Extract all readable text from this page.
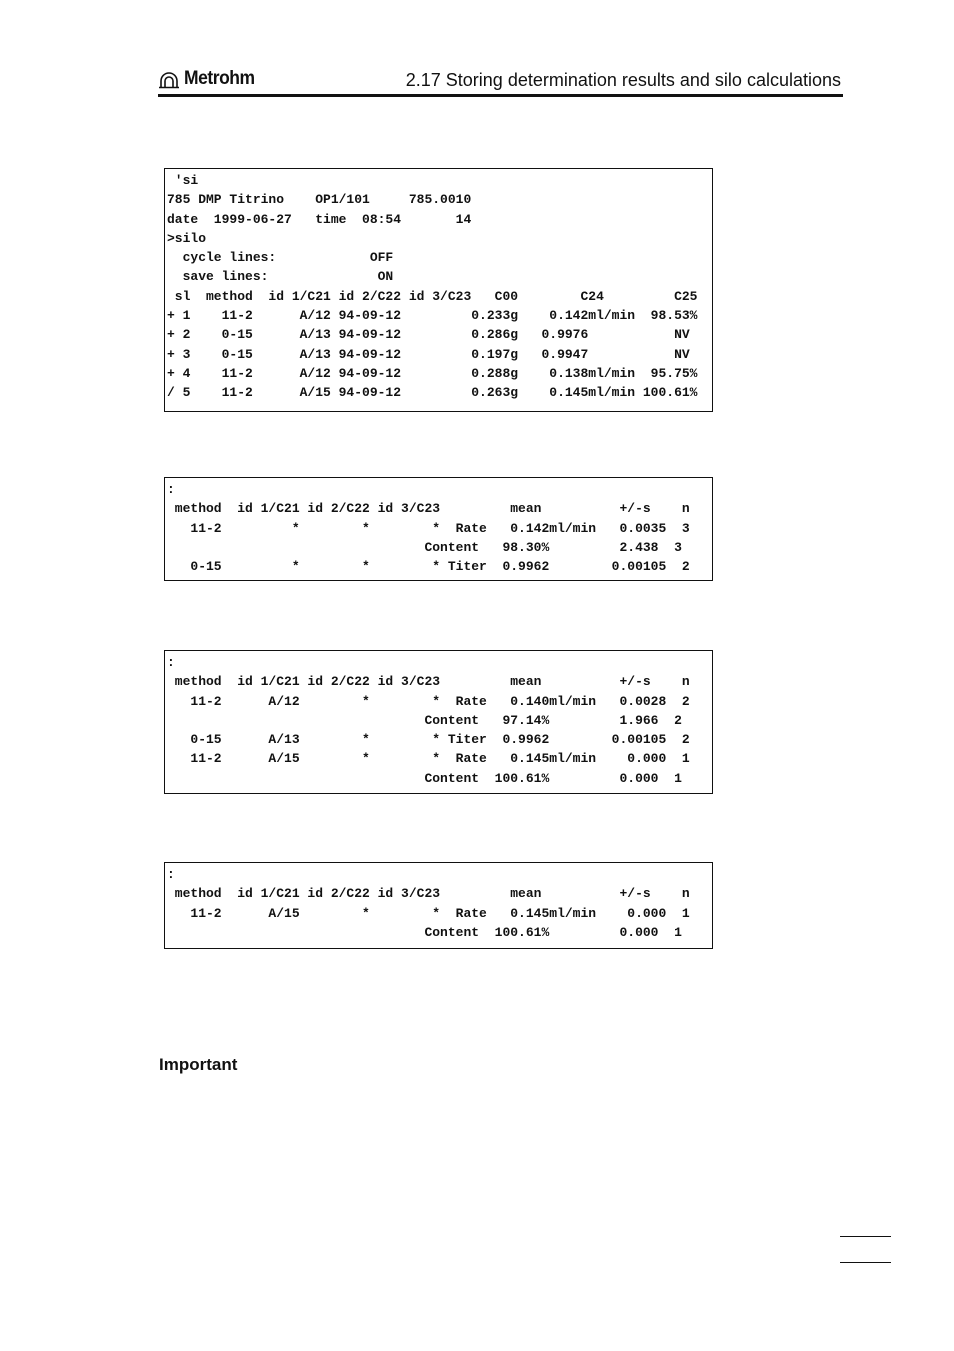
Metrohm	2.17 Storing determination results and silo calculations
'si
785 DMP Titrino    OP1/101     785.0010
date  1999-06-27   time  08:54       14
>silo
cycle lines:            OFF
save lines:              ON
sl  method  id 1/C21 id 2/C22 id 3/C23   C00        C24         C25
+ 1    11-2      A/12 94-09-12         0.233g    0.142ml/min  98.53%
+ 2    0-15      A/13 94-09-12         0.286g   0.9976           NV
+ 3    0-15      A/13 94-09-12         0.197g   0.9947           NV
+ 4    11-2      A/12 94-09-12         0.288g    0.138ml/min  95.75%
/ 5    11-2      A/15 94-09-12         0.263g    0.145ml/min 100.61%
:
method  id 1/C21 id 2/C22 id 3/C23         mean          +/-s    n
11-2         *        *        *  Rate   0.142ml/min   0.0035  3
Content   98.30%         2.438  3
0-15         *        *        * Titer  0.9962        0.00105  2
:
method  id 1/C21 id 2/C22 id 3/C23         mean          +/-s    n
11-2      A/12        *        *  Rate   0.140ml/min   0.0028  2
Content   97.14%         1.966  2
0-15      A/13        *        * Titer  0.9962        0.00105  2
11-2      A/15        *        *  Rate   0.145ml/min    0.000  1
Content  100.61%         0.000  1
:
method  id 1/C21 id 2/C22 id 3/C23         mean          +/-s    n
11-2      A/15        *        *  Rate   0.145ml/min    0.000  1
Content  100.61%         0.000  1
Important
